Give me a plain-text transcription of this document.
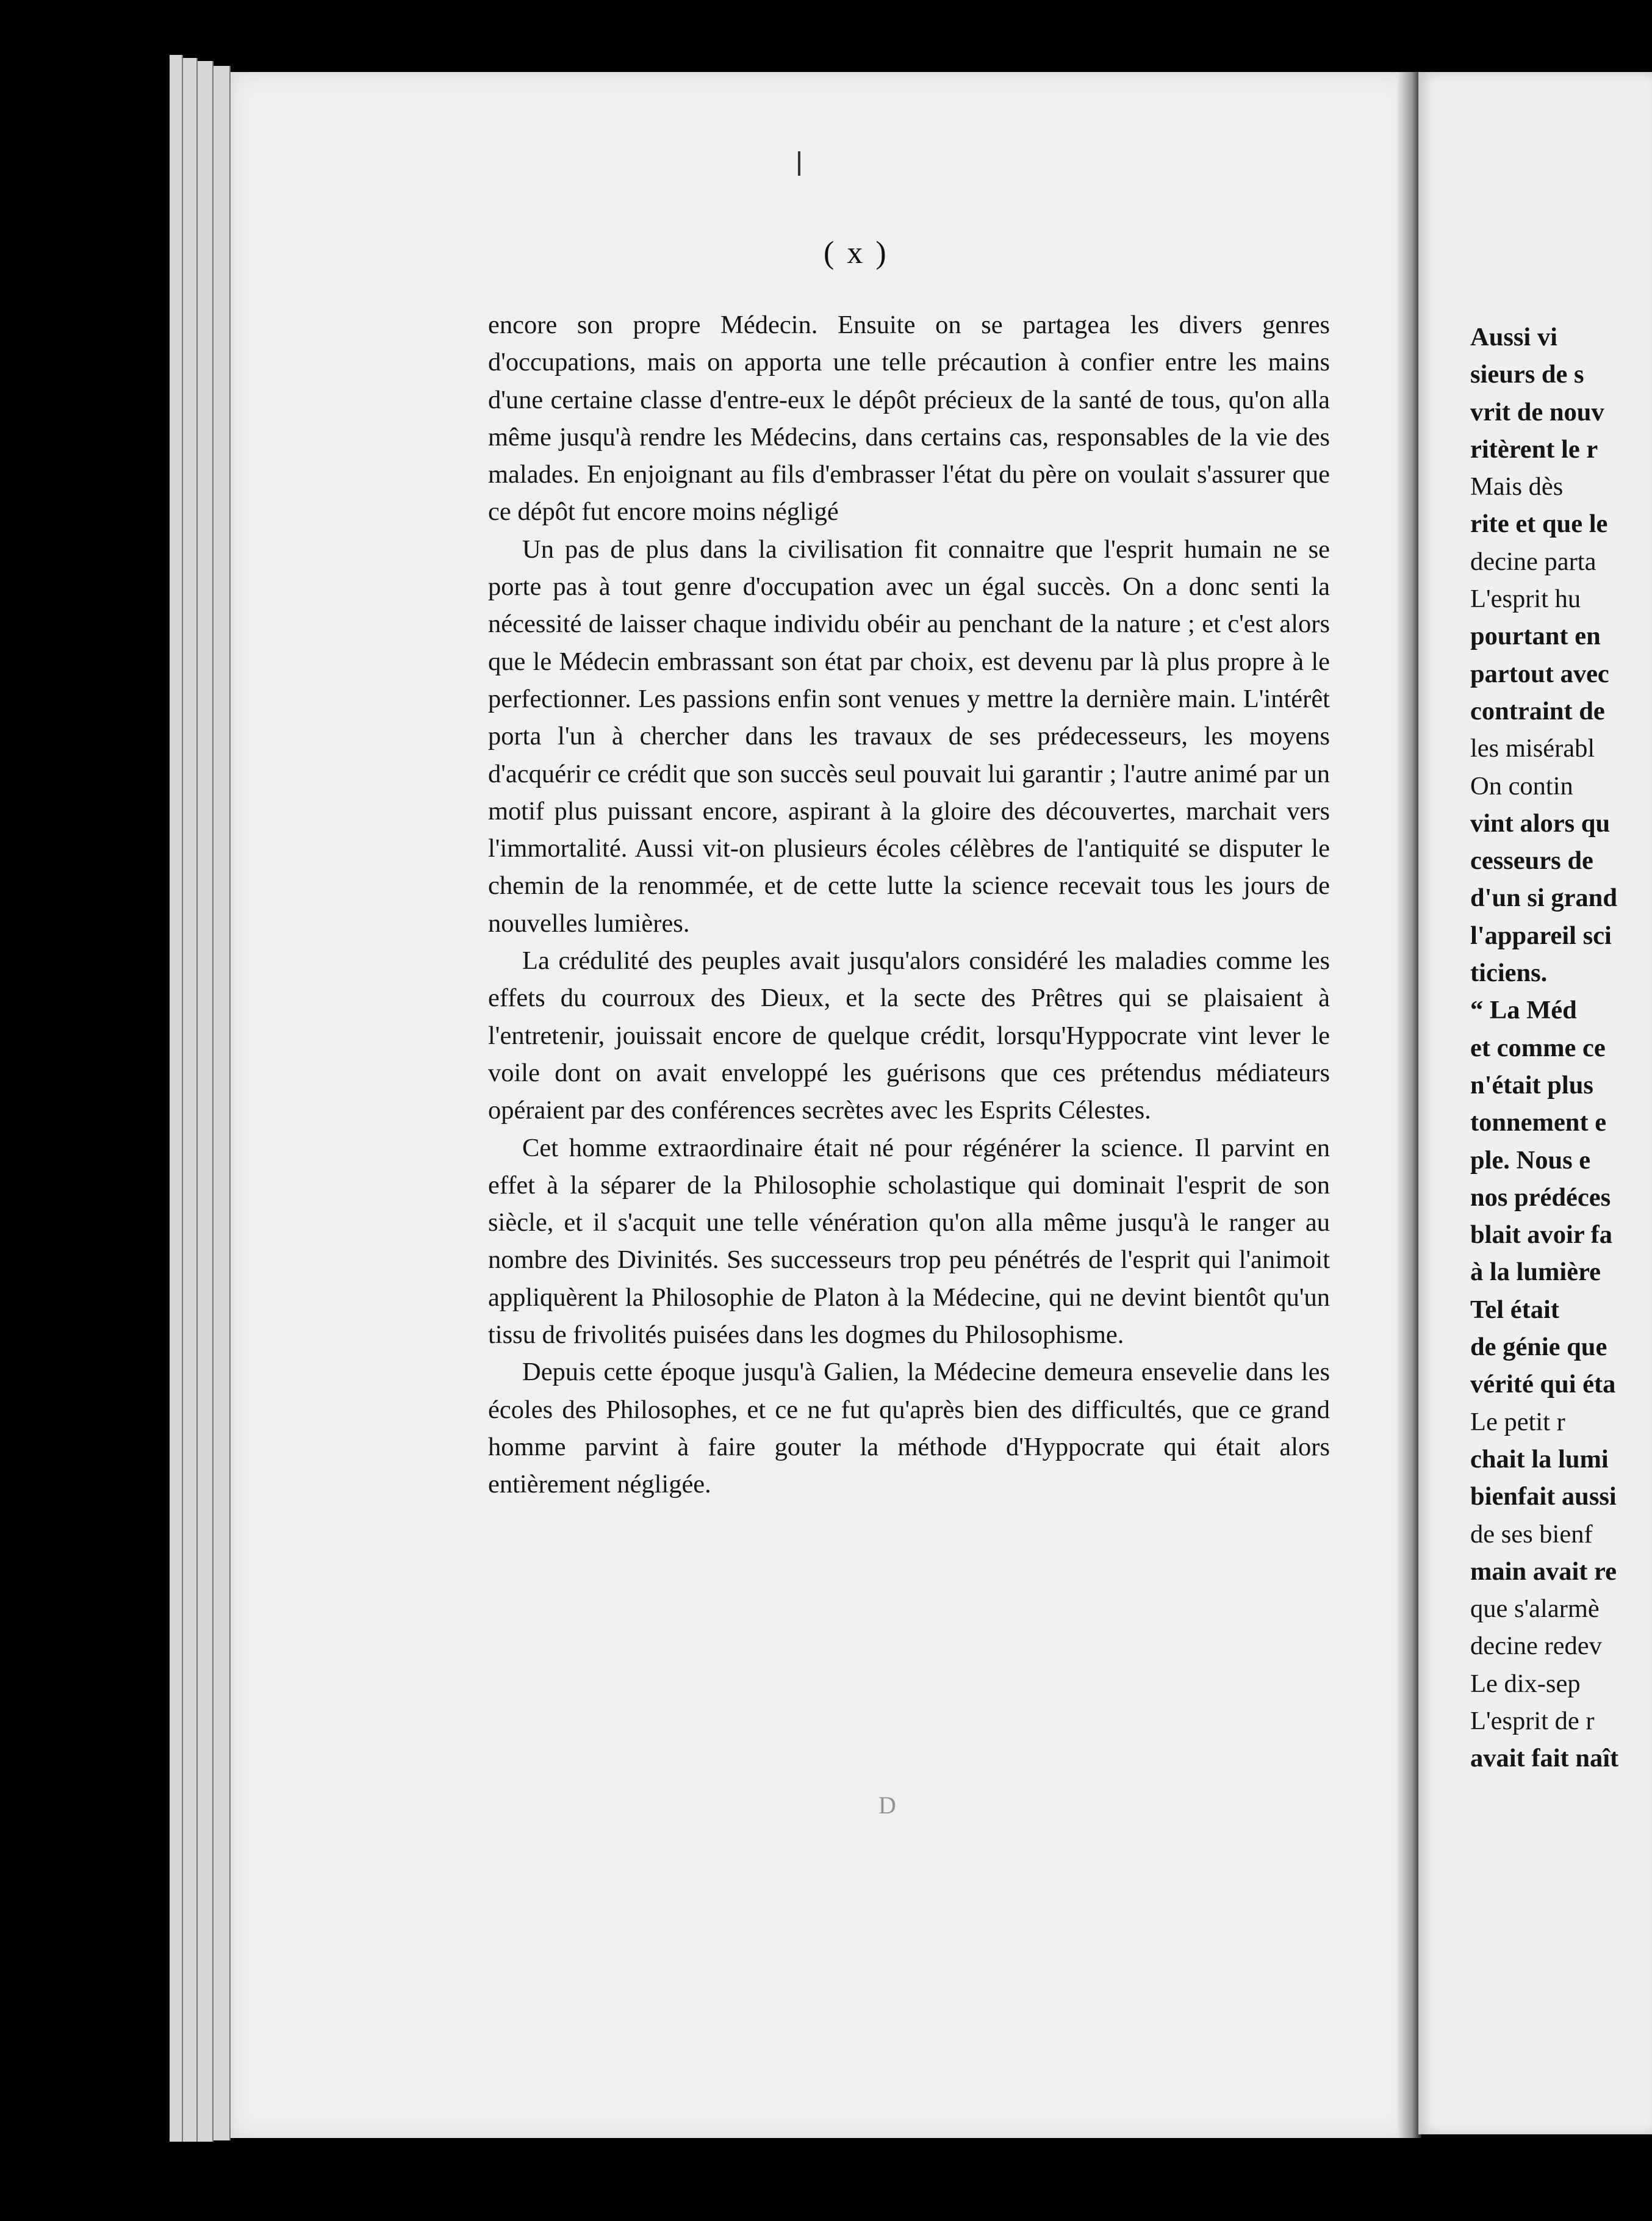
( x )

encore son propre Médecin. Ensuite on se partagea les divers genres d'occupations, mais on apporta une telle précaution à confier entre les mains d'une certaine classe d'entre-eux le dépôt précieux de la santé de tous, qu'on alla même jusqu'à rendre les Médecins, dans certains cas, responsables de la vie des malades. En enjoignant au fils d'embrasser l'état du père on voulait s'assurer que ce dépôt fut encore moins négligé

Un pas de plus dans la civilisation fit connaitre que l'esprit humain ne se porte pas à tout genre d'occupation avec un égal succès. On a donc senti la nécessité de laisser chaque individu obéir au penchant de la nature ; et c'est alors que le Médecin embrassant son état par choix, est devenu par là plus propre à le perfectionner. Les passions enfin sont venues y mettre la dernière main. L'intérêt porta l'un à chercher dans les travaux de ses prédecesseurs, les moyens d'acquérir ce crédit que son succès seul pouvait lui garantir ; l'autre animé par un motif plus puissant encore, aspirant à la gloire des découvertes, marchait vers l'immortalité. Aussi vit-on plusieurs écoles célèbres de l'antiquité se disputer le chemin de la renommée, et de cette lutte la science recevait tous les jours de nouvelles lumières.

La crédulité des peuples avait jusqu'alors considéré les maladies comme les effets du courroux des Dieux, et la secte des Prêtres qui se plaisaient à l'entretenir, jouissait encore de quelque crédit, lorsqu'Hyppocrate vint lever le voile dont on avait enveloppé les guérisons que ces prétendus médiateurs opéraient par des conférences secrètes avec les Esprits Célestes.

Cet homme extraordinaire était né pour régénérer la science. Il parvint en effet à la séparer de la Philosophie scholastique qui dominait l'esprit de son siècle, et il s'acquit une telle vénération qu'on alla même jusqu'à le ranger au nombre des Divinités. Ses successeurs trop peu pénétrés de l'esprit qui l'animoit appliquèrent la Philosophie de Platon à la Médecine, qui ne devint bientôt qu'un tissu de frivolités puisées dans les dogmes du Philosophisme.

Depuis cette époque jusqu'à Galien, la Médecine demeura ensevelie dans les écoles des Philosophes, et ce ne fut qu'après bien des difficultés, que ce grand homme parvint à faire gouter la méthode d'Hyppocrate qui était alors entièrement négligée.

D
Aussi vi
sieurs de s
vrit de nouv
ritèrent le r
Mais dès
rite et que le
decine parta
L'esprit hu
pourtant en
partout avec
contraint de
les misérabl
On contin
vint alors qu
cesseurs de
d'un si grand
l'appareil sci
ticiens.
“ La Méd
et comme ce
n'était plus
tonnement e
ple. Nous e
nos prédéces
blait avoir fa
à la lumière
Tel était
de génie que
vérité qui éta
Le petit r
chait la lumi
bienfait aussi
de ses bienf
main avait re
que s'alarmè
decine redev
Le dix-sep
L'esprit de r
avait fait naît
